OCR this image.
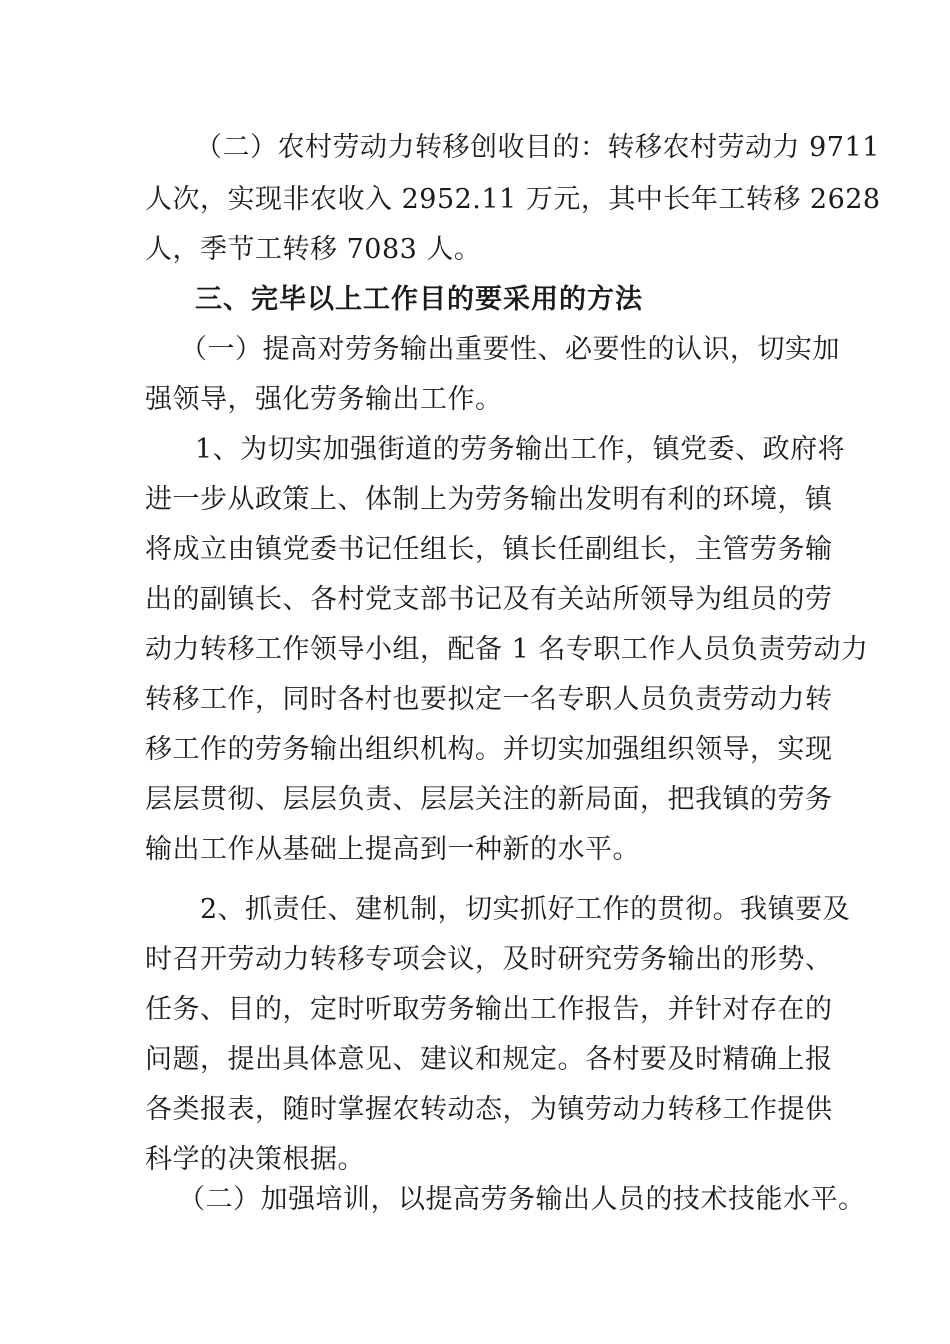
（二）农村劳动力转移创收目的：转移农村劳动力 9711
人次，实现非农收入 2952.11 万元，其中长年工转移 2628
人，季节工转移 7083 人。
三、完毕以上工作目的要采用的方法
（一）提高对劳务输出重要性、必要性的认识，切实加
强领导，强化劳务输出工作。
1、为切实加强街道的劳务输出工作，镇党委、政府将
进一步从政策上、体制上为劳务输出发明有利的环境，镇
将成立由镇党委书记任组长，镇长任副组长，主管劳务输
出的副镇长、各村党支部书记及有关站所领导为组员的劳
动力转移工作领导小组，配备 1 名专职工作人员负责劳动力
转移工作，同时各村也要拟定一名专职人员负责劳动力转
移工作的劳务输出组织机构。并切实加强组织领导，实现
层层贯彻、层层负责、层层关注的新局面，把我镇的劳务
输出工作从基础上提高到一种新的水平。
2、抓责任、建机制，切实抓好工作的贯彻。我镇要及
时召开劳动力转移专项会议，及时研究劳务输出的形势、
任务、目的，定时听取劳务输出工作报告，并针对存在的
问题，提出具体意见、建议和规定。各村要及时精确上报
各类报表，随时掌握农转动态，为镇劳动力转移工作提供
科学的决策根据。
（二）加强培训，以提高劳务输出人员的技术技能水平。
